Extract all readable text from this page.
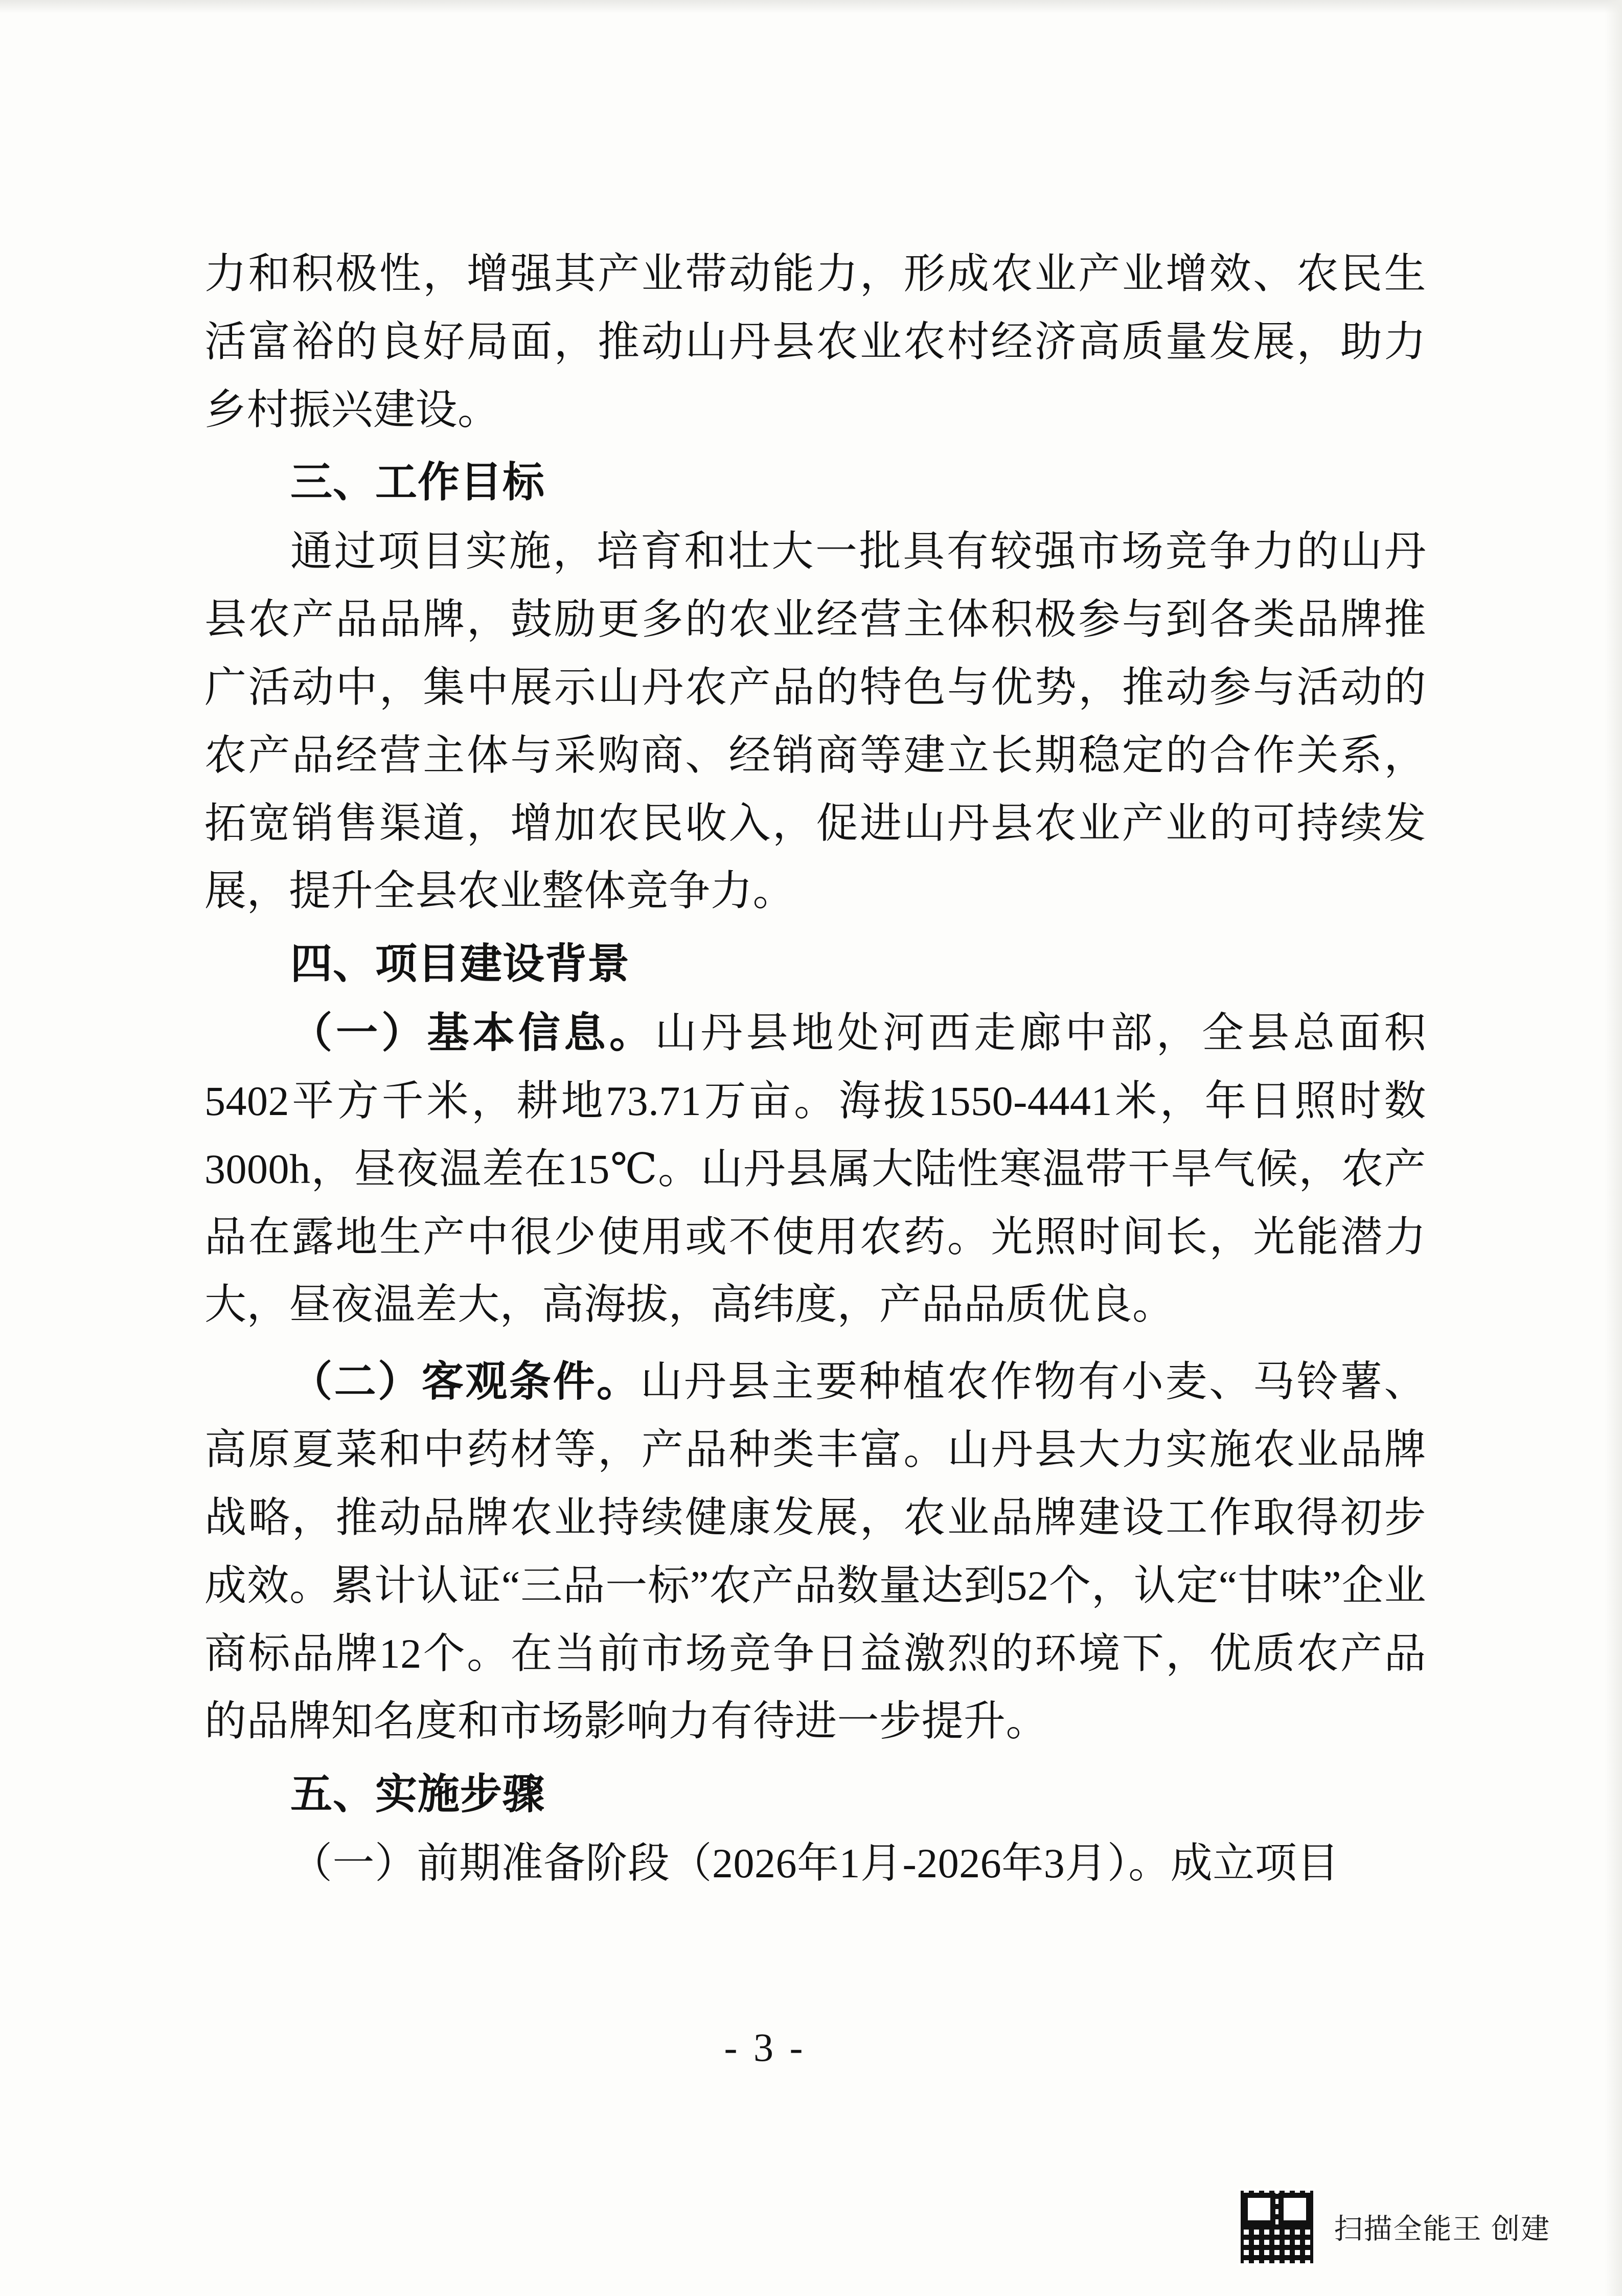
力和积极性，增强其产业带动能力，形成农业产业增效、农民生活富裕的良好局面，推动山丹县农业农村经济高质量发展，助力乡村振兴建设。

三、工作目标

通过项目实施，培育和壮大一批具有较强市场竞争力的山丹县农产品品牌，鼓励更多的农业经营主体积极参与到各类品牌推广活动中，集中展示山丹农产品的特色与优势，推动参与活动的农产品经营主体与采购商、经销商等建立长期稳定的合作关系，拓宽销售渠道，增加农民收入，促进山丹县农业产业的可持续发展，提升全县农业整体竞争力。

四、项目建设背景

（一）基本信息。山丹县地处河西走廊中部，全县总面积5402平方千米，耕地73.71万亩。海拔1550-4441米，年日照时数3000h，昼夜温差在15℃。山丹县属大陆性寒温带干旱气候，农产品在露地生产中很少使用或不使用农药。光照时间长，光能潜力大，昼夜温差大，高海拔，高纬度，产品品质优良。

（二）客观条件。山丹县主要种植农作物有小麦、马铃薯、高原夏菜和中药材等，产品种类丰富。山丹县大力实施农业品牌战略，推动品牌农业持续健康发展，农业品牌建设工作取得初步成效。累计认证“三品一标”农产品数量达到52个，认定“甘味”企业商标品牌12个。在当前市场竞争日益激烈的环境下，优质农产品的品牌知名度和市场影响力有待进一步提升。

五、实施步骤

（一）前期准备阶段（2026年1月-2026年3月）。成立项目

- 3 -
扫描全能王 创建
